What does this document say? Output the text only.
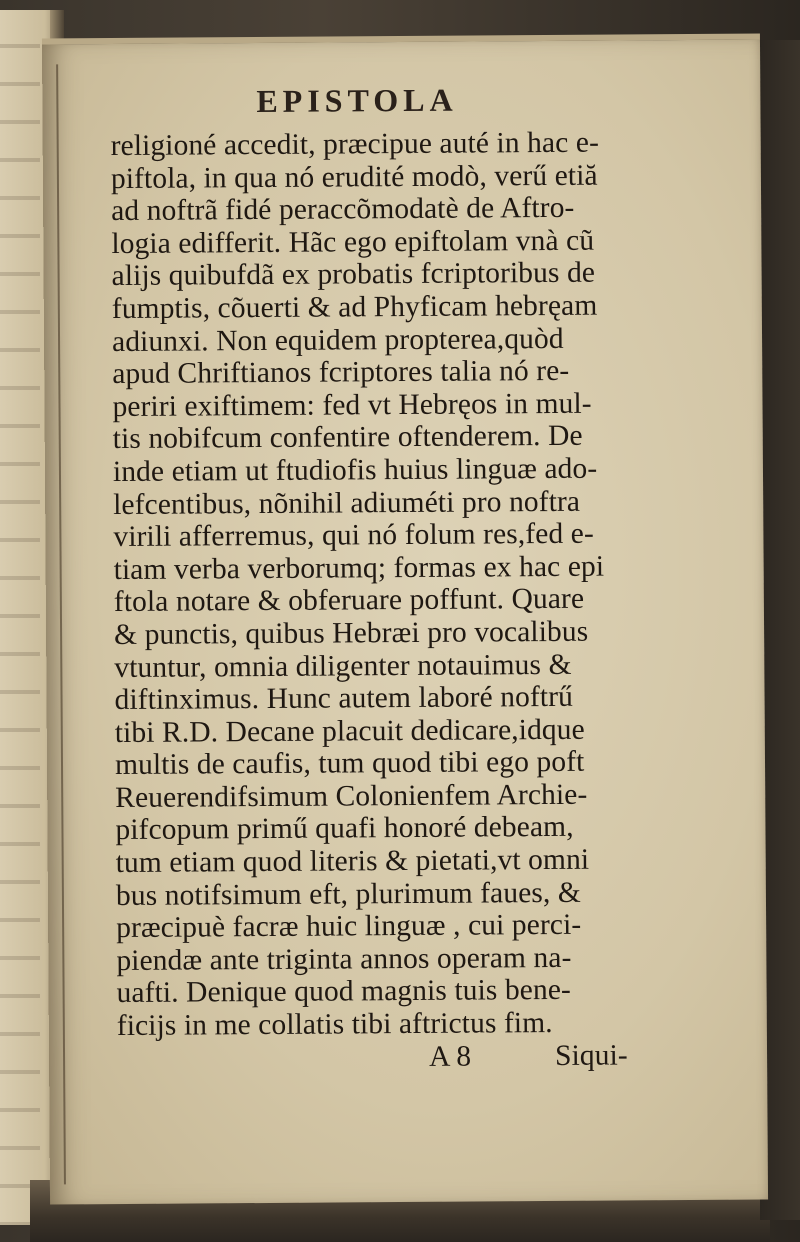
EPISTOLA
religioné accedit, præcipue auté in hac e-
piftola, in qua nó erudité modò, verű etiă
ad noftrã fidé peraccõmodatè de Aftro-
logia edifferit. Hãc ego epiftolam vnà cũ
alijs quibufdã ex probatis fcriptoribus de
fumptis, cõuerti & ad Phyficam hebręam
adiunxi. Non equidem propterea,quòd
apud Chriftianos fcriptores talia nó re-
periri exiftimem: fed vt Hebręos in mul-
tis nobifcum confentire oftenderem. De
inde etiam ut ftudiofis huius linguæ ado-
lefcentibus, nõnihil adiuméti pro noftra
virili afferremus, qui nó folum res,fed e-
tiam verba verborumq; formas ex hac epi
ftola notare & obferuare poffunt. Quare
& punctis, quibus Hebræi pro vocalibus
vtuntur, omnia diligenter notauimus &
diftinximus. Hunc autem laboré noftrű
tibi R.D. Decane placuit dedicare,idque
multis de caufis, tum quod tibi ego poft
Reuerendifsimum Colonienfem Archie-
pifcopum primű quafi honoré debeam,
tum etiam quod literis & pietati,vt omni
bus notifsimum eft, plurimum faues, &
præcipuè facræ huic linguæ , cui perci-
piendæ ante triginta annos operam na-
uafti. Denique quod magnis tuis bene-
ficijs in me collatis tibi aftrictus fim.
A 8	Siqui-
